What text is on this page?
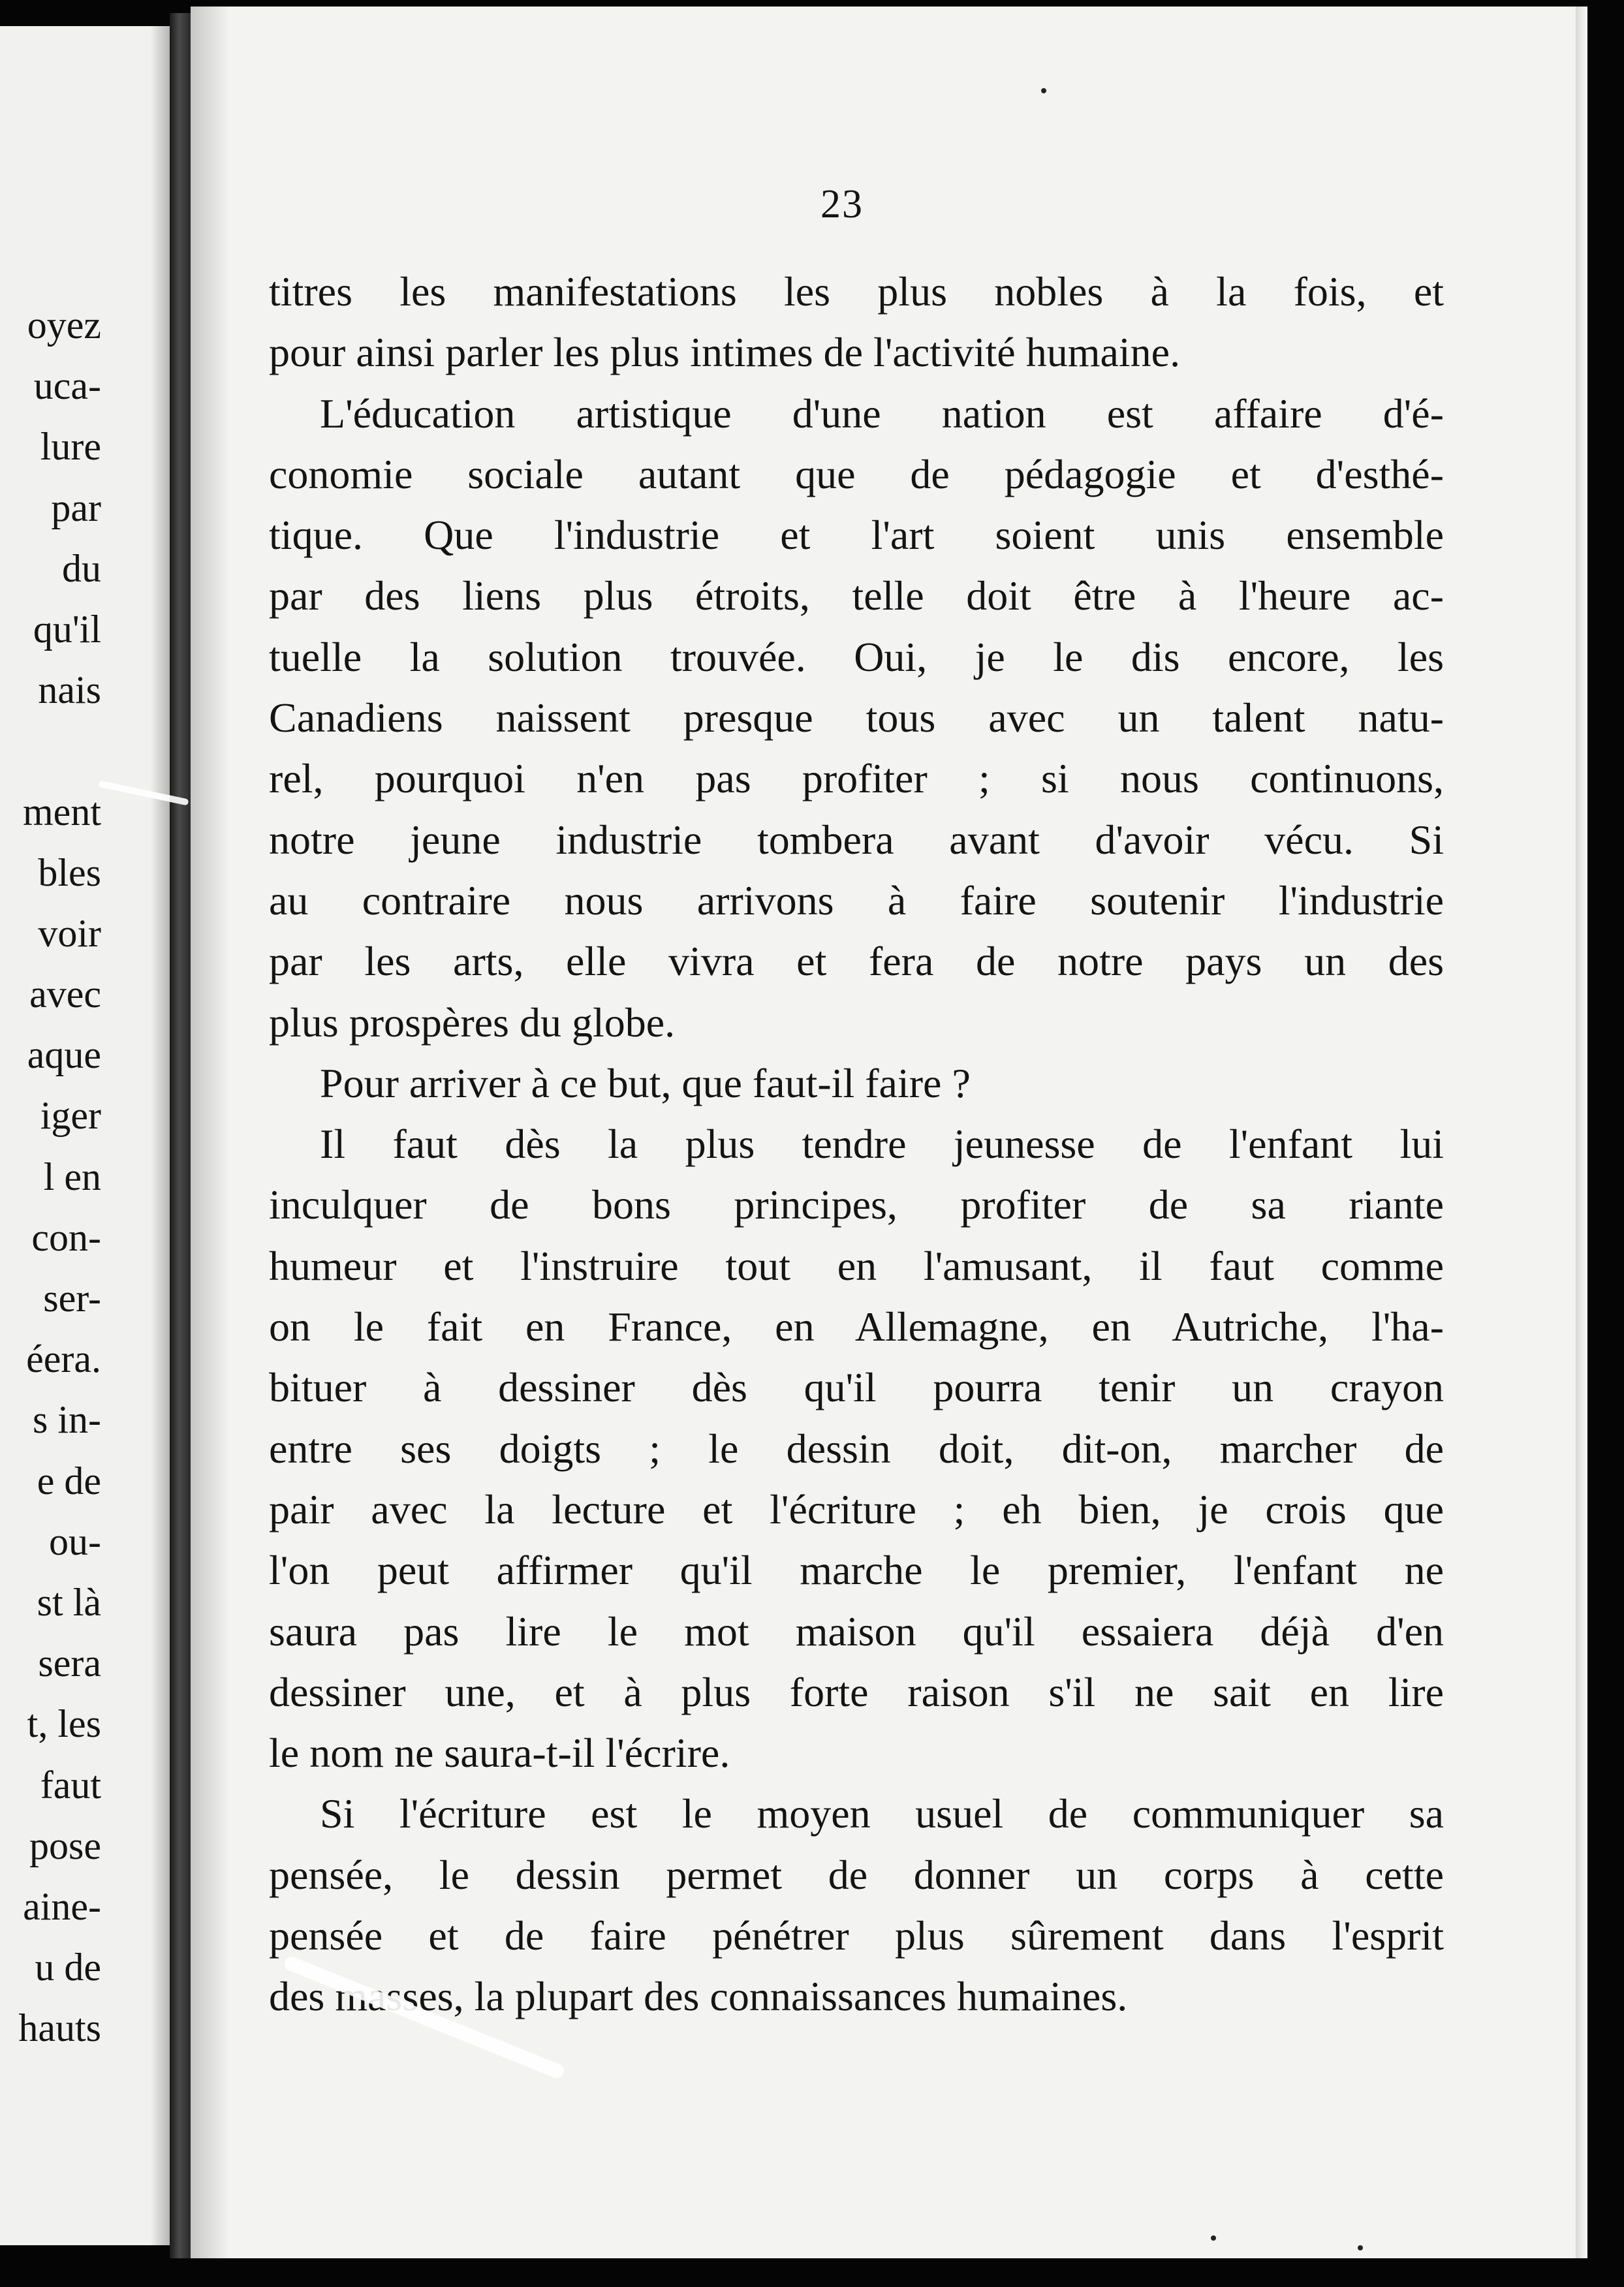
oyez
uca-
lure
par
du
qu'il
nais
ment
bles
voir
avec
aque
iger
l en
con-
ser-
éera.
s in-
e de
ou-
st là
sera
t, les
faut
pose
aine-
u de
hauts
23
titres les manifestations les plus nobles à la fois, et
pour ainsi parler les plus intimes de l'activité humaine.
L'éducation artistique d'une nation est affaire d'é-
conomie sociale autant que de pédagogie et d'esthé-
tique. Que l'industrie et l'art soient unis ensemble
par des liens plus étroits, telle doit être à l'heure ac-
tuelle la solution trouvée. Oui, je le dis encore, les
Canadiens naissent presque tous avec un talent natu-
rel, pourquoi n'en pas profiter ; si nous continuons,
notre jeune industrie tombera avant d'avoir vécu. Si
au contraire nous arrivons à faire soutenir l'industrie
par les arts, elle vivra et fera de notre pays un des
plus prospères du globe.
Pour arriver à ce but, que faut-il faire ?
Il faut dès la plus tendre jeunesse de l'enfant lui
inculquer de bons principes, profiter de sa riante
humeur et l'instruire tout en l'amusant, il faut comme
on le fait en France, en Allemagne, en Autriche, l'ha-
bituer à dessiner dès qu'il pourra tenir un crayon
entre ses doigts ; le dessin doit, dit-on, marcher de
pair avec la lecture et l'écriture ; eh bien, je crois que
l'on peut affirmer qu'il marche le premier, l'enfant ne
saura pas lire le mot maison qu'il essaiera déjà d'en
dessiner une, et à plus forte raison s'il ne sait en lire
le nom ne saura-t-il l'écrire.
Si l'écriture est le moyen usuel de communiquer sa
pensée, le dessin permet de donner un corps à cette
pensée et de faire pénétrer plus sûrement dans l'esprit
des masses, la plupart des connaissances humaines.
